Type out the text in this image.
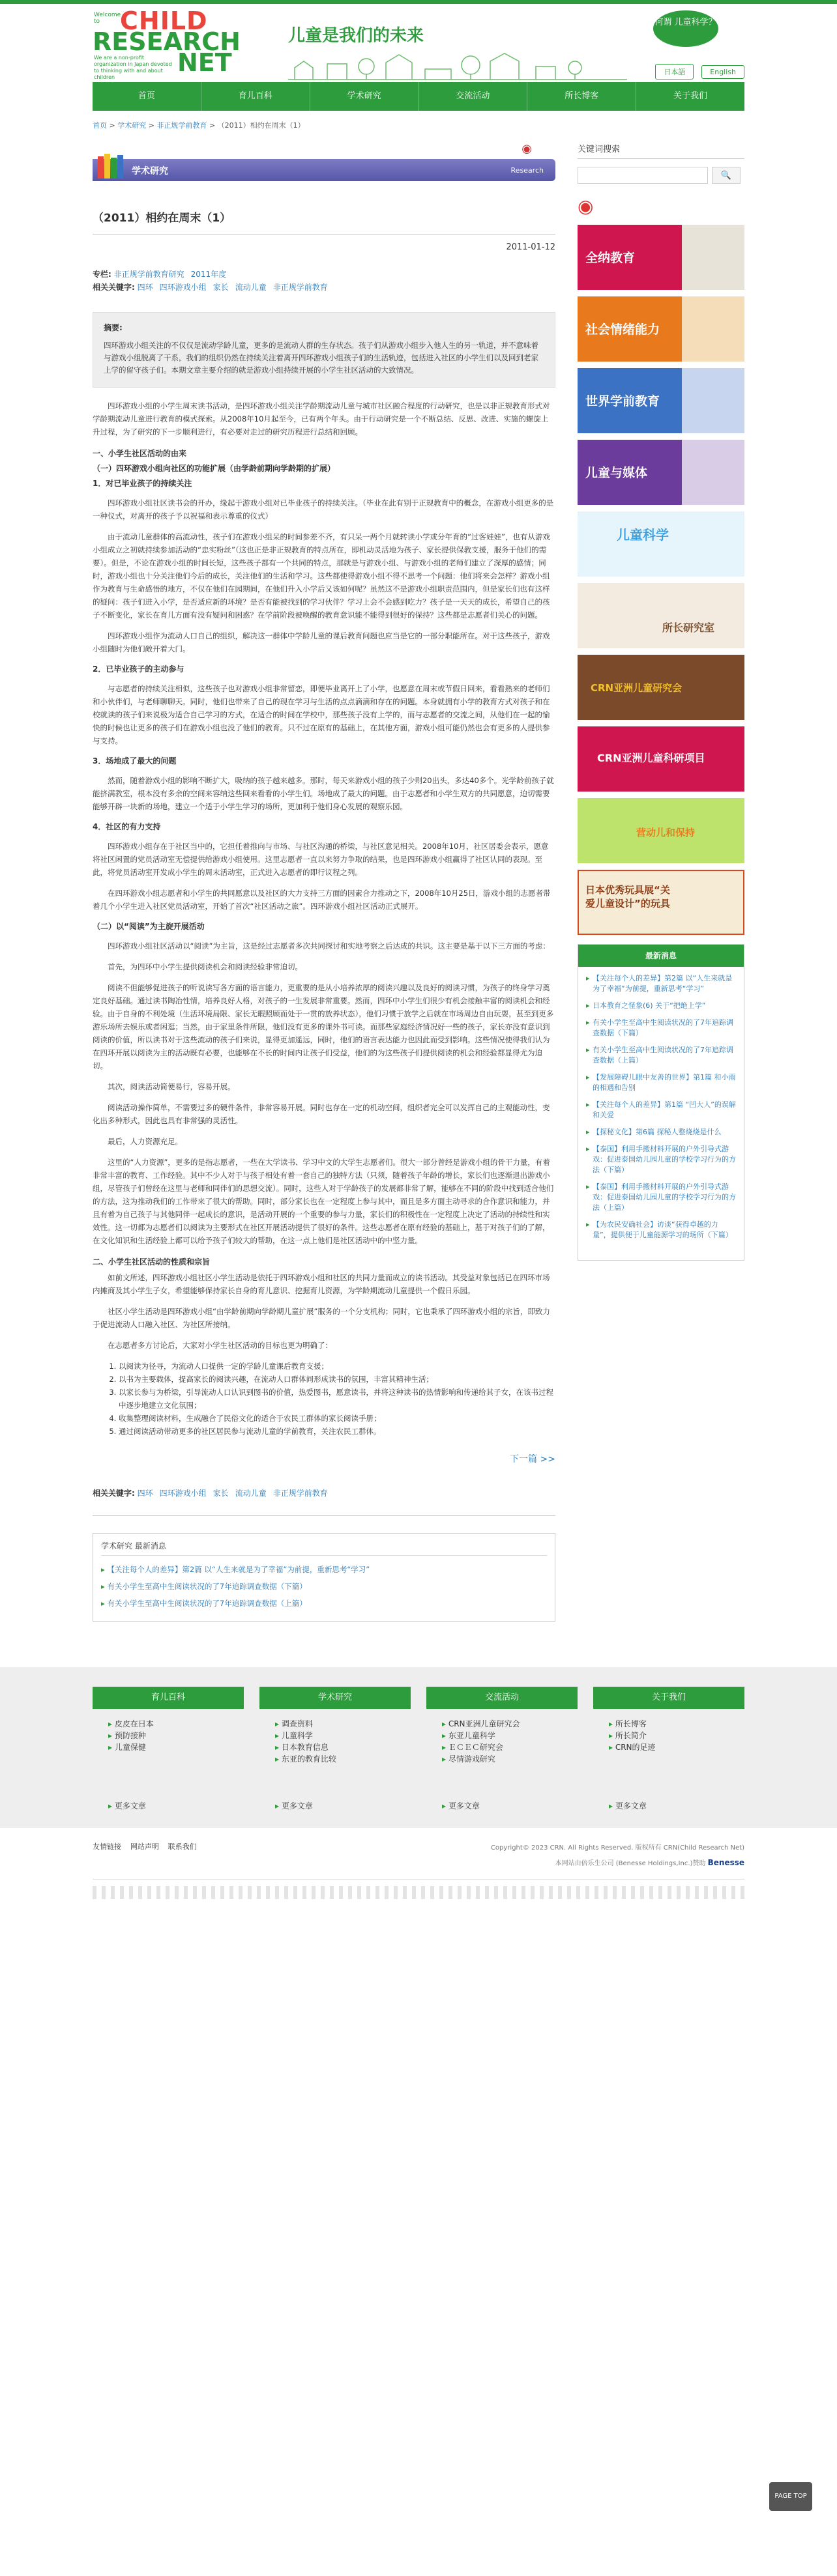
Welcome to CHILD
RESEARCH
NET
We are a non-profit organization in Japan devoted to thinking with and about children
儿童是我们的未来
何谓 儿童科学？
日本語	English
首页	育儿百科	学术研究	交流活动	所长博客	关于我们
首页 > 学术研究 > 非正规学前教育 > （2011）相约在周末（1）
◉
学术研究	Research
（2011）相约在周末（1）
2011-01-12
专栏: 非正规学前教育研究 2011年度
相关关键字: 四环 四环游戏小组 家长 流动儿童 非正规学前教育
摘要:
四环游戏小组关注的不仅仅是流动学龄儿童，更多的是流动人群的生存状态。孩子们从游戏小组步入他人生的另一轨道，并不意味着与游戏小组脱离了干系，我们的组织仍然在持续关注着离开四环游戏小组孩子们的生活轨迹，包括进入社区的小学生们以及回到老家上学的留守孩子们。本期文章主要介绍的就是游戏小组持续开展的小学生社区活动的大致情况。

四环游戏小组的小学生周末读书活动，是四环游戏小组关注学龄期流动儿童与城市社区融合程度的行动研究，也是以非正规教育形式对学龄期流动儿童进行教育的模式探索。从2008年10月起至今，已有两个年头。由于行动研究是一个不断总结、反思、改进、实施的螺旋上升过程，为了研究的下一步顺利进行，有必要对走过的研究历程进行总结和回顾。

一、小学生社区活动的由来
（一）四环游戏小组向社区的功能扩展（由学龄前期向学龄期的扩展）
1．对已毕业孩子的持续关注

四环游戏小组社区读书会的开办，缘起于游戏小组对已毕业孩子的持续关注。（毕业在此有别于正规教育中的概念，在游戏小组更多的是一种仪式，对离开的孩子予以祝福和表示尊重的仪式）

由于流动儿童群体的高流动性，孩子们在游戏小组呆的时间参差不齐，有只呆一两个月就转读小学或分年育的“过客娃娃”，也有从游戏小组成立之初就持续参加活动的“忠实粉丝”（这也正是非正规教育的特点所在，即机动灵活地为孩子、家长提供保教支援，服务于他们的需要）。但是，不论在游戏小组的时间长短，这些孩子都有一个共同的特点，那就是与游戏小组、与游戏小组的老师们建立了深厚的感情；同时，游戏小组也十分关注他们今后的成长，关注他们的生活和学习。这些都使得游戏小组不得不思考一个问题：他们将来会怎样？游戏小组作为教育与生命感悟的地方，不仅在他们在园期间，在他们升入小学后又该如何呢？虽然这不是游戏小组职责范围内，但是家长们也有这样的疑问：孩子们进入小学，是否适应新的环境？是否有能被找到的学习伙伴？学习上会不会感到吃力？孩子是一天天的成长，希望自己的孩子不断变化，家长在育儿方面有没有疑问和困惑？在学前阶段被唤醒的教育意识能不能得到很好的保持？这些都是志愿者们关心的问题。

四环游戏小组作为流动人口自己的组织，解决这一群体中学龄儿童的课后教育问题也应当是它的一部分职能所在。对于这些孩子，游戏小组随时为他们敞开着大门。

2．已毕业孩子的主动参与

与志愿者的持续关注相似，这些孩子也对游戏小组非常留恋，即便毕业离开上了小学，也愿意在周末或节假日回来，看看熟来的老师们和小伙伴们，与老师聊聊天。同时，他们也带来了自己的现在学习与生活的点点滴滴和存在的问题。本身就拥有小学的教育方式对孩子和在校就读的孩子们来说极为适合自己学习的方式，在适合的时间在学校中，那些孩子没有上学的，而与志愿者的交流之间，从他们在一起的愉快的时候也让更多的孩子们在游戏小组也没了他们的教育。只不过在原有的基础上，在其他方面，游戏小组可能仍然也会有更多的人提供参与支持。

3．场地成了最大的问题

然而，随着游戏小组的影响不断扩大，吸纳的孩子越来越多。那时，每天来游戏小组的孩子少则20出头，多达40多个。光学龄前孩子就能挤满教室，根本没有多余的空间来容纳这些回来看看的小学生们。场地成了最大的问题。由于志愿者和小学生双方的共同愿意，迫切需要能够开辟一块新的场地，建立一个适于小学生学习的场所，更加利于他们身心发展的观察乐园。

4．社区的有力支持

四环游戏小组存在于社区当中的，它担任着推向与市场、与社区沟通的桥梁，与社区意见相关。2008年10月，社区居委会表示，愿意将社区闲置的党员活动室无偿提供给游戏小组使用。这里志愿者一直以来努力争取的结果，也是四环游戏小组赢得了社区认同的表现。至此，将党员活动室开发成小学生的周末活动室，正式进入志愿者的即行议程之列。

在四环游戏小组志愿者和小学生的共同愿意以及社区的大力支持三方面的因素合力推动之下，2008年10月25日，游戏小组的志愿者带着几个小学生进入社区党员活动室，开始了首次“社区活动之旅”。四环游戏小组社区活动正式展开。

（二）以“阅读”为主旋开展活动

四环游戏小组社区活动以“阅读”为主旨，这是经过志愿者多次共同探讨和实地考察之后达成的共识。这主要是基于以下三方面的考虑：

首先，为四环中小学生提供阅读机会和阅读经验非常迫切。

阅读不但能够促进孩子的听说读写各方面的语言能力，更重要的是从小培养浓厚的阅读兴趣以及良好的阅读习惯，为孩子的终身学习奠定良好基础。通过读书陶冶性情，培养良好人格，对孩子的一生发展非常重要。然而，四环中小学生们很少有机会接触丰富的阅读机会和经验。由于自身的不利处境（生活环境局限、家长无暇照顾而处于一贯的放养状态），他们习惯于放学之后就在市场周边自由玩耍，甚至到更多游乐场所去娱乐或者闲逛；当然，由于家里条件所限，他们没有更多的课外书可读。而那些家庭经济情况好一些的孩子，家长亦没有意识到阅读的价值，所以读书对于这些流动的孩子们来说，显得更加遥远，同时，他们的语言表达能力也因此而受到影响。这些情况使得我们认为在四环开展以阅读为主的活动既有必要，也能够在不长的时间内让孩子们受益，他们的为这些孩子们提供阅读的机会和经验都显得尤为迫切。

其次，阅读活动简便易行，容易开展。

阅读活动操作简单，不需要过多的硬件条件，非常容易开展。同时也存在一定的机动空间，组织者完全可以发挥自己的主观能动性，变化出多种形式，因此也具有非常强的灵活性。

最后，人力资源充足。

这里的“人力资源”，更多的是指志愿者，一些在大学读书、学习中文的大学生志愿者们。很大一部分曾经是游戏小组的骨干力量，有着非常丰富的教育、工作经验。其中不少人对于与孩子相处有着一套自己的独特方法（只须，随着孩子年龄的增长，家长们也逐渐退出游戏小组，尽管孩子们曾经在这里与老师和同伴们的思想交流）。同时，这些人对于学龄孩子的发展都非常了解，能够在不同的阶段中找到适合他们的方法，这为推动我们的工作带来了很大的帮助。同时，部分家长也在一定程度上参与其中，而且是多方面主动寻求的合作意识和能力，并且有着为自己孩子与其他同伴一起成长的意识，是活动开展的一个重要的参与力量，家长们的积极性在一定程度上决定了活动的持续性和实效性。这一切都为志愿者们以阅读为主要形式在社区开展活动提供了很好的条件。这些志愿者在原有经验的基础上，基于对孩子们的了解，在文化知识和生活经验上都可以给予孩子们较大的帮助，在这一点上他们是社区活动中的中坚力量。

二、小学生社区活动的性质和宗旨

如前文所述，四环游戏小组社区小学生活动是依托于四环游戏小组和社区的共同力量而成立的读书活动。其受益对象包括已在四环市场内摊商及其小学生子女，希望能够保持家长自身的育儿意识、挖掘育儿资源，为学龄期流动儿童提供一个假日乐园。

社区小学生活动是四环游戏小组“由学龄前期向学龄期儿童扩展”服务的一个分支机构；同时，它也秉承了四环游戏小组的宗旨，即致力于促进流动人口融入社区、为社区所接纳。

在志愿者多方讨论后，大家对小学生社区活动的目标也更为明确了：

1. 以阅读为径寻，为流动人口提供一定的学龄儿童课后教育支援；
2. 以书为主要载体，提高家长的阅读兴趣，在流动人口群体间形成读书的氛围，丰富其精神生活；
3. 以家长参与为桥梁，引导流动人口认识到图书的价值，热爱图书，愿意读书，并将这种读书的热情影响和传递给其子女，在该书过程中逐步地建立文化氛围；
4. 收集整理阅读材料，生成融合了民俗文化的适合于农民工群体的家长阅读手册；
5. 通过阅读活动带动更多的社区居民参与流动儿童的学前教育，关注农民工群体。
下一篇 >>
相关关键字: 四环 四环游戏小组 家长 流动儿童 非正规学前教育
学术研究 最新消息
▸ 【关注每个人的差异】第2篇 以“人生来就是为了幸福”为前提，重新思考“学习”
▸ 有关小学生至高中生阅读状况的了7年追踪调查数据（下篇）
▸ 有关小学生至高中生阅读状况的了7年追踪调查数据（上篇）
关键词搜索
🔍
◉
全纳教育
社会情绪能力
世界学前教育
儿童与媒体
儿童科学
所长研究室
CRN亚洲儿童研究会
CRN亚洲儿童科研项目
营动儿和保持
日本优秀玩具展“关爱儿童设计”的玩具
最新消息
▸ 【关注每个人的差异】第2篇 以“人生来就是为了幸福”为前提，重新思考“学习”
▸ 日本教育之怪象(6) 关于“把绝上学”
▸ 有关小学生至高中生阅读状况的了7年追踪调查数据（下篇）
▸ 有关小学生至高中生阅读状况的了7年追踪调查数据（上篇）
▸ 【发展障碍儿眼中友善的世界】第1篇 和小雨的相遇和告别
▸ 【关注每个人的差异】第1篇 “凹大人”的误解和关爱
▸ 【探秘文化】第6篇 探秘人整烧烧是什么
▸ 【泰国】利用手搬材料开展的户外引导式游戏：促进泰国幼儿园儿童的学校学习行为的方法（下篇）
▸ 【泰国】利用手搬材料开展的户外引导式游戏：促进泰国幼儿园儿童的学校学习行为的方法（上篇）
▸ 【为农民安确社会】访谈“获得卓越的力量”，提供便于儿童能源学习的场所（下篇）
育儿百科
▸ 皮皮在日本
▸ 预防接种
▸ 儿童保健
▸ 更多文章
学术研究
▸ 调查资料
▸ 儿童科学
▸ 日本教育信息
▸ 东亚的教育比较
▸ 更多文章
交流活动
▸ CRN亚洲儿童研究会
▸ 东亚儿童科学
▸ ＥＣＥＣ研究会
▸ 尽情游戏研究
▸ 更多文章
关于我们
▸ 所长博客
▸ 所长简介
▸ CRN的足迹
▸ 更多文章
PAGE TOP
友情链接 网站声明 联系我们	Copyright© 2023 CRN. All Rights Reserved. 版权所有 CRN(Child Research Net)
本网站由倍乐生公司 (Benesse Holdings,Inc.)赞助 Benesse
